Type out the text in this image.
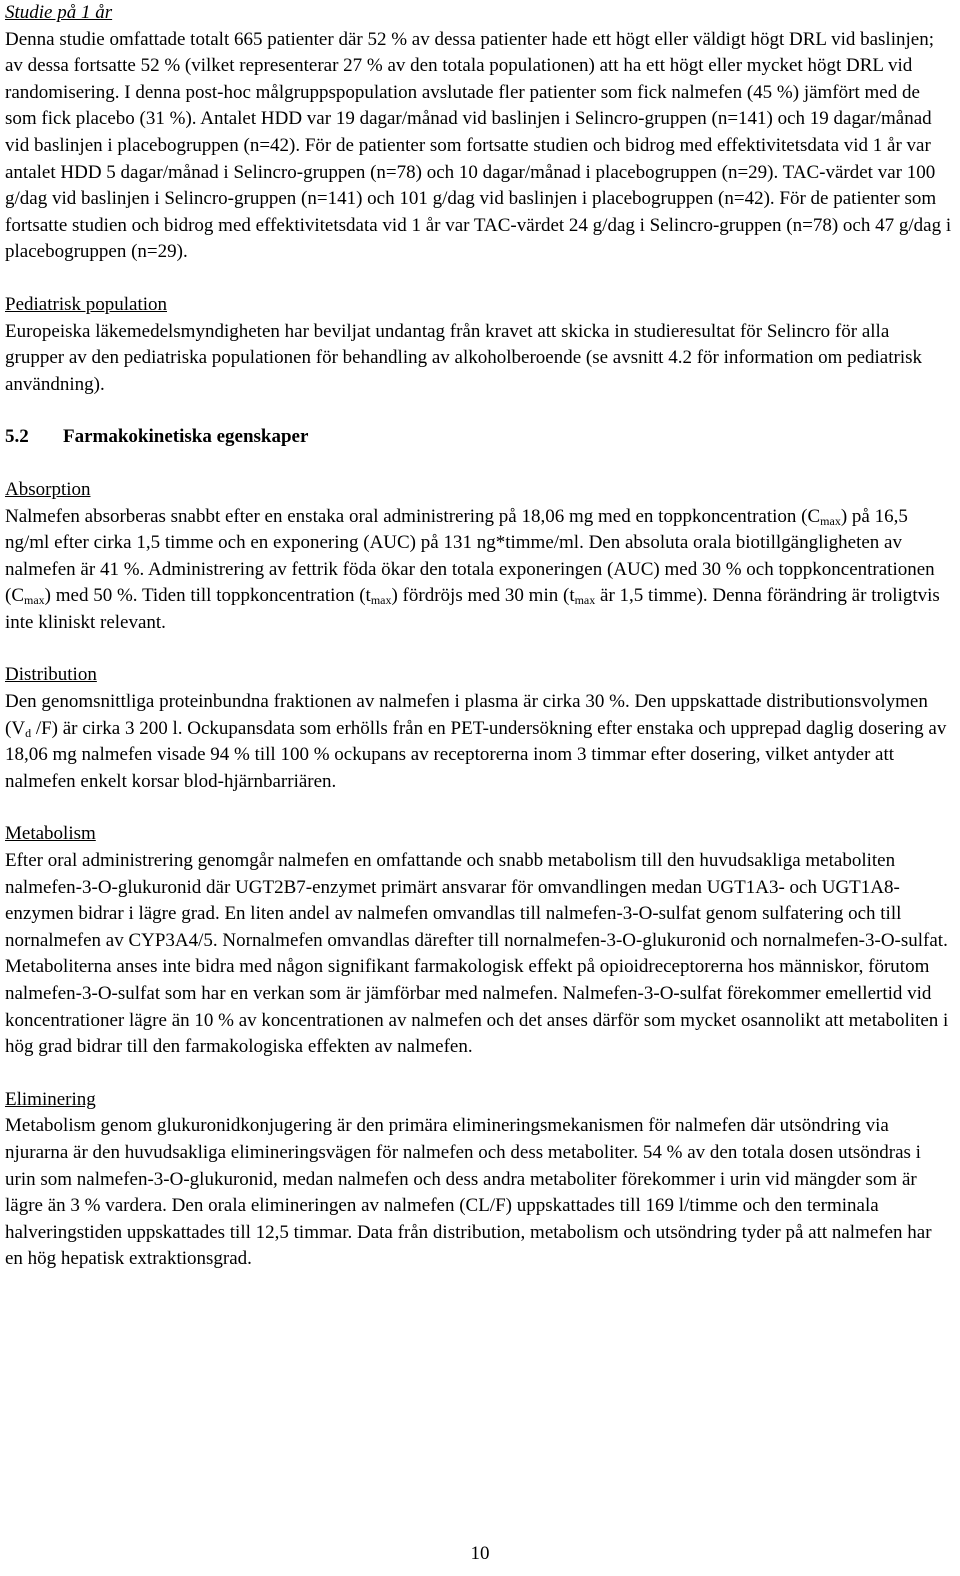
Studie på 1 år

Denna studie omfattade totalt 665 patienter där 52 % av dessa patienter hade ett högt eller väldigt högt DRL vid baslinjen; av dessa fortsatte 52 % (vilket representerar 27 % av den totala populationen) att ha ett högt eller mycket högt DRL vid randomisering. I denna post-hoc målgruppspopulation avslutade fler patienter som fick nalmefen (45 %) jämfört med de som fick placebo (31 %). Antalet HDD var 19 dagar/månad vid baslinjen i Selincro-gruppen (n=141) och 19 dagar/månad vid baslinjen i placebogruppen (n=42). För de patienter som fortsatte studien och bidrog med effektivitetsdata vid 1 år var antalet HDD 5 dagar/månad i Selincro-gruppen (n=78) och 10 dagar/månad i placebogruppen (n=29). TAC-värdet var 100 g/dag vid baslinjen i Selincro-gruppen (n=141) och 101 g/dag vid baslinjen i placebogruppen (n=42). För de patienter som fortsatte studien och bidrog med effektivitetsdata vid 1 år var TAC-värdet 24 g/dag i Selincro-gruppen (n=78) och 47 g/dag i placebogruppen (n=29).

Pediatrisk population

Europeiska läkemedelsmyndigheten har beviljat undantag från kravet att skicka in studieresultat för Selincro för alla grupper av den pediatriska populationen för behandling av alkoholberoende (se avsnitt 4.2 för information om pediatrisk användning).

5.2 Farmakokinetiska egenskaper
Absorption

Nalmefen absorberas snabbt efter en enstaka oral administrering på 18,06 mg med en toppkoncentration $(C_{max})$ på 16,5 ng/ml efter cirka 1,5 timme och en exponering (AUC) på 131 ng*timme/ml. Den absoluta orala biotillgängligheten av nalmefen är 41 %. Administrering av fettrik föda ökar den totala exponeringen (AUC) med 30 % och toppkoncentrationen $(C_{max})$ med 50 %. Tiden till toppkoncentration $(t_{max})$ fördröjs med 30 $\min (t_{max}$ är 1,5 timme). Denna förändring är troligtvis inte kliniskt relevant.

Distribution

Den genomsnittliga proteinbundna fraktionen av nalmefen i plasma är cirka 30 %. Den uppskattade distributionsvolymen ($V_d$ /F) är cirka 3 200 l. Ockupansdata som erhölls från en PET-undersökning efter enstaka och upprepad daglig dosering av 18,06 mg nalmefen visade 94 % till 100 % ockupans av receptorerna inom 3 timmar efter dosering, vilket antyder att nalmefen enkelt korsar blod-hjärnbarriären.

Metabolism

Efter oral administrering genomgår nalmefen en omfattande och snabb metabolism till den huvudsakliga metaboliten nalmefen-3-O-glukuronid där UGT2B7-enzymet primärt ansvarar för omvandlingen medan UGT1A3- och UGT1A8-enzymen bidrar i lägre grad. En liten andel av nalmefen omvandlas till nalmefen-3-O-sulfat genom sulfatering och till nornalmefen av CYP3A4/5. Nornalmefen omvandlas därefter till nornalmefen-3-O-glukuronid och nornalmefen-3-O-sulfat. Metaboliterna anses inte bidra med någon signifikant farmakologisk effekt på opioidreceptorerna hos människor, förutom nalmefen-3-O-sulfat som har en verkan som är jämförbar med nalmefen. Nalmefen-3-O-sulfat förekommer emellertid vid koncentrationer lägre än 10 % av koncentrationen av nalmefen och det anses därför som mycket osannolikt att metaboliten i hög grad bidrar till den farmakologiska effekten av nalmefen.

Eliminering

Metabolism genom glukuronidkonjugering är den primära elimineringsmekanismen för nalmefen där utsöndring via njurarna är den huvudsakliga elimineringsvägen för nalmefen och dess metaboliter. 54 % av den totala dosen utsöndras i urin som nalmefen-3-O-glukuronid, medan nalmefen och dess andra metaboliter förekommer i urin vid mängder som är lägre än 3 % vardera. Den orala elimineringen av nalmefen (CL/F) uppskattades till 169 l/timme och den terminala halveringstiden uppskattades till 12,5 timmar. Data från distribution, metabolism och utsöndring tyder på att nalmefen har en hög hepatisk extraktionsgrad.

10
